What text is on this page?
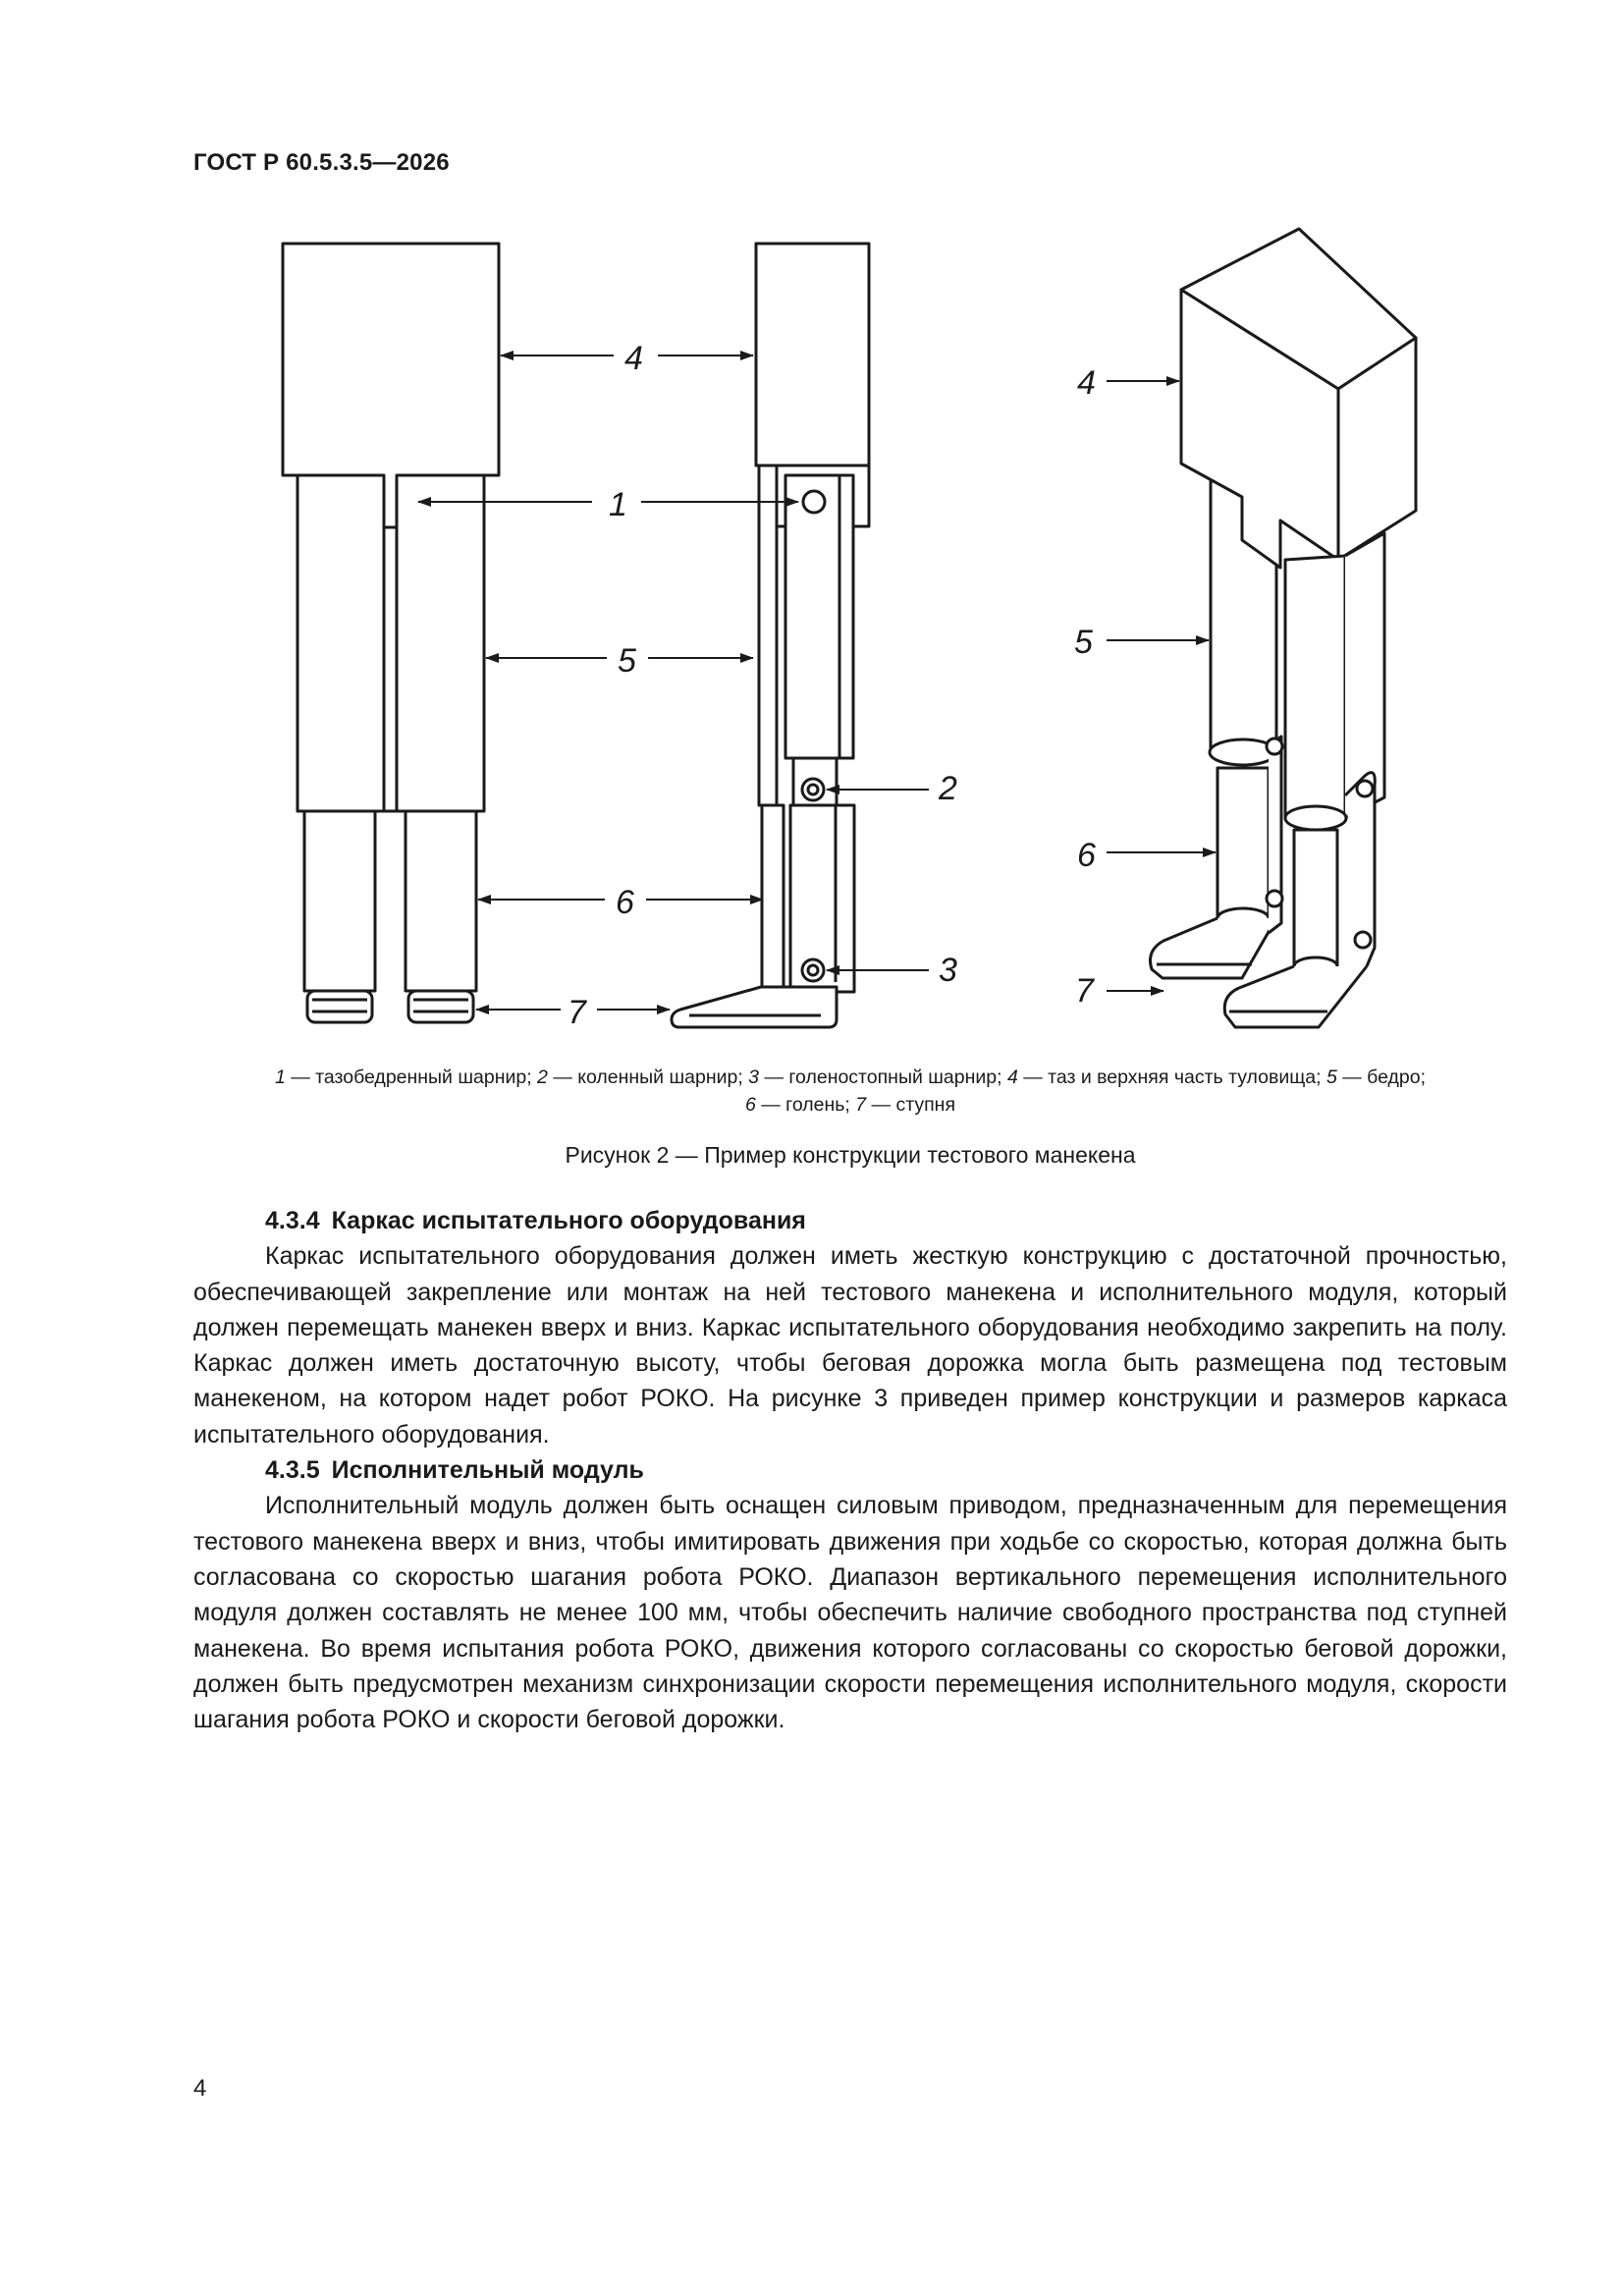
ГОСТ Р 60.5.3.5—2026
4
1
5
6
7
2
3
4
5
6
7
1 — тазобедренный шарнир; 2 — коленный шарнир; 3 — голеностопный шарнир; 4 — таз и верхняя часть туловища; 5 — бедро;
6 — голень; 7 — ступня
Рисунок 2 — Пример конструкции тестового манекена
4.3.4 Каркас испытательного оборудования

Каркас испытательного оборудования должен иметь жесткую конструкцию с достаточной прочностью, обеспечивающей закрепление или монтаж на ней тестового манекена и исполнительного модуля, который должен перемещать манекен вверх и вниз. Каркас испытательного оборудования необходимо закрепить на полу. Каркас должен иметь достаточную высоту, чтобы беговая дорожка могла быть размещена под тестовым манекеном, на котором надет робот РОКО. На рисунке 3 приведен пример конструкции и размеров каркаса испытательного оборудования.

4.3.5 Исполнительный модуль

Исполнительный модуль должен быть оснащен силовым приводом, предназначенным для перемещения тестового манекена вверх и вниз, чтобы имитировать движения при ходьбе со скоростью, которая должна быть согласована со скоростью шагания робота РОКО. Диапазон вертикального перемещения исполнительного модуля должен составлять не менее 100 мм, чтобы обеспечить наличие свободного пространства под ступней манекена. Во время испытания робота РОКО, движения которого согласованы со скоростью беговой дорожки, должен быть предусмотрен механизм синхронизации скорости перемещения исполнительного модуля, скорости шагания робота РОКО и скорости беговой дорожки.

4
